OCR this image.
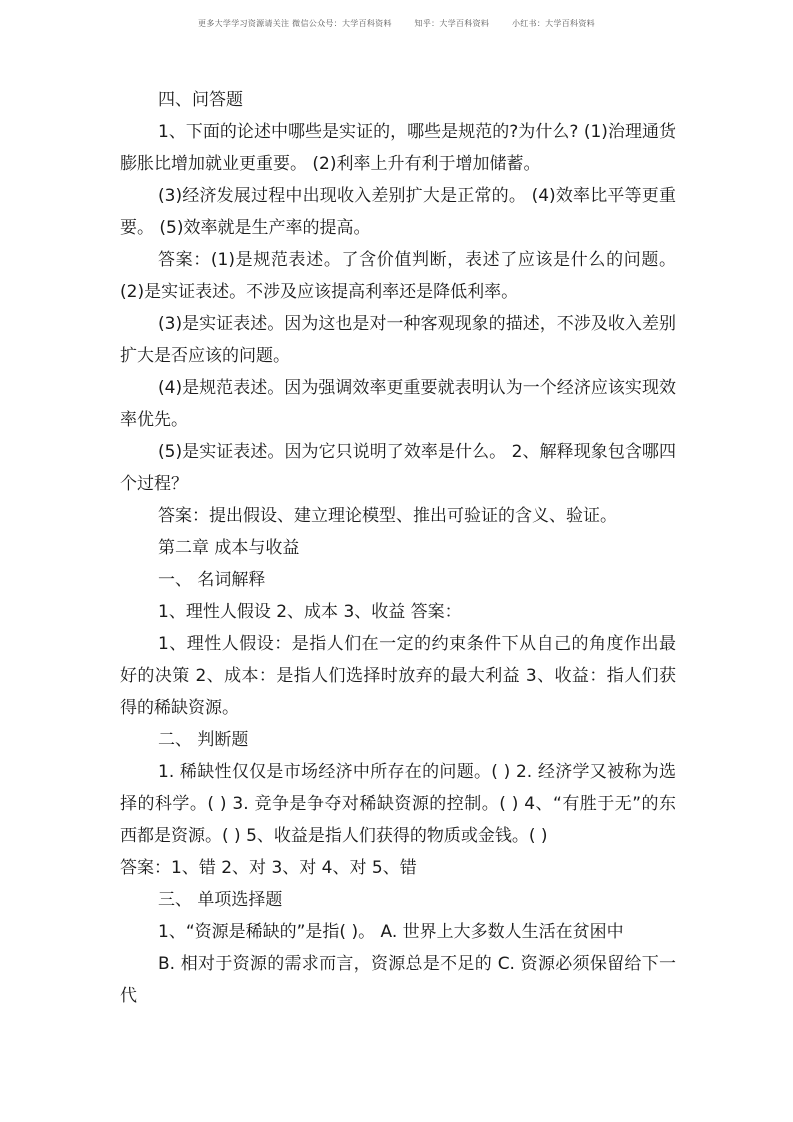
更多大学学习资源请关注 微信公众号：大学百科资料        知乎：大学百科资料        小红书：大学百科资料

四、问答题

1、下面的论述中哪些是实证的，哪些是规范的?为什么? (1)治理通货膨胀比增加就业更重要。 (2)利率上升有利于增加储蓄。

(3)经济发展过程中出现收入差别扩大是正常的。 (4)效率比平等更重要。 (5)效率就是生产率的提高。

答案：(1)是规范表述。了含价值判断，表述了应该是什么的问题。(2)是实证表述。不涉及应该提高利率还是降低利率。

(3)是实证表述。因为这也是对一种客观现象的描述，不涉及收入差别扩大是否应该的问题。

(4)是规范表述。因为强调效率更重要就表明认为一个经济应该实现效率优先。

(5)是实证表述。因为它只说明了效率是什么。 2、解释现象包含哪四个过程？

答案：提出假设、建立理论模型、推出可验证的含义、验证。

第二章 成本与收益

一、 名词解释

1、理性人假设 2、成本 3、收益 答案：

1、理性人假设：是指人们在一定的约束条件下从自己的角度作出最好的决策 2、成本：是指人们选择时放弃的最大利益 3、收益：指人们获得的稀缺资源。

二、 判断题

1. 稀缺性仅仅是市场经济中所存在的问题。( ) 2. 经济学又被称为选择的科学。( ) 3. 竞争是争夺对稀缺资源的控制。( ) 4、“有胜于无”的东西都是资源。( ) 5、收益是指人们获得的物质或金钱。( )

答案：1、错 2、对 3、对 4、对 5、错

三、 单项选择题

1、“资源是稀缺的”是指( )。 A. 世界上大多数人生活在贫困中

B. 相对于资源的需求而言，资源总是不足的 C. 资源必须保留给下一代
